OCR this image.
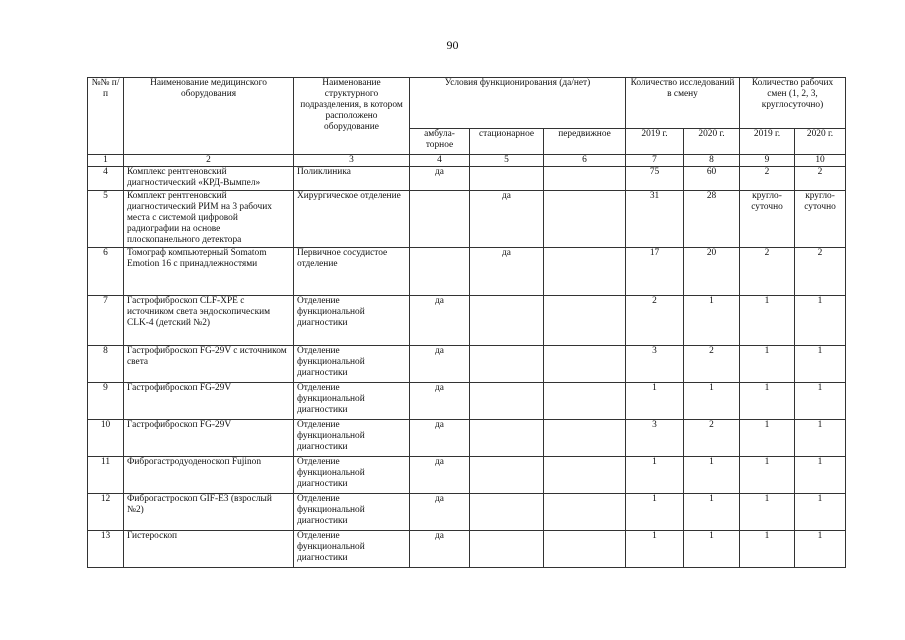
90
№№ п/п	Наименование медицинского оборудования	Наименование структурного подразделения, в котором расположено оборудование	Условия функционирования (да/нет)			Количество исследований в смену		Количество рабочих смен (1, 2, 3, круглосуточно)	
			амбула-торное	стационарное	передвижное	2019 г.	2020 г.	2019 г.	2020 г.
1	2	3	4	5	6	7	8	9	10
4	Комплекс рентгеновский диагностический «КРД-Вымпел»	Поликлиника	да			75	60	2	2
5	Комплект рентгеновский диагностический РИМ на 3 рабочих места с системой цифровой радиографии на основе плоскопанельного детектора	Хирургическое отделение		да		31	28	кругло-суточно	кругло-суточно
6	Томограф компьютерный Somatom Emotion 16 с принадлежностями	Первичное сосудистое отделение		да		17	20	2	2
7	Гастрофиброскоп CLF-XPE с источником света эндоскопическим CLK-4 (детский №2)	Отделение функциональной диагностики	да			2	1	1	1
8	Гастрофиброскоп FG-29V с источником света	Отделение функциональной диагностики	да			3	2	1	1
9	Гастрофиброскоп FG-29V	Отделение функциональной диагностики	да			1	1	1	1
10	Гастрофиброскоп FG-29V	Отделение функциональной диагностики	да			3	2	1	1
11	Фиброгастродуоденоскоп Fujinon	Отделение функциональной диагностики	да			1	1	1	1
12	Фиброгастроскоп GIF-E3 (взрослый №2)	Отделение функциональной диагностики	да			1	1	1	1
13	Гистероскоп	Отделение функциональной диагностики	да			1	1	1	1
